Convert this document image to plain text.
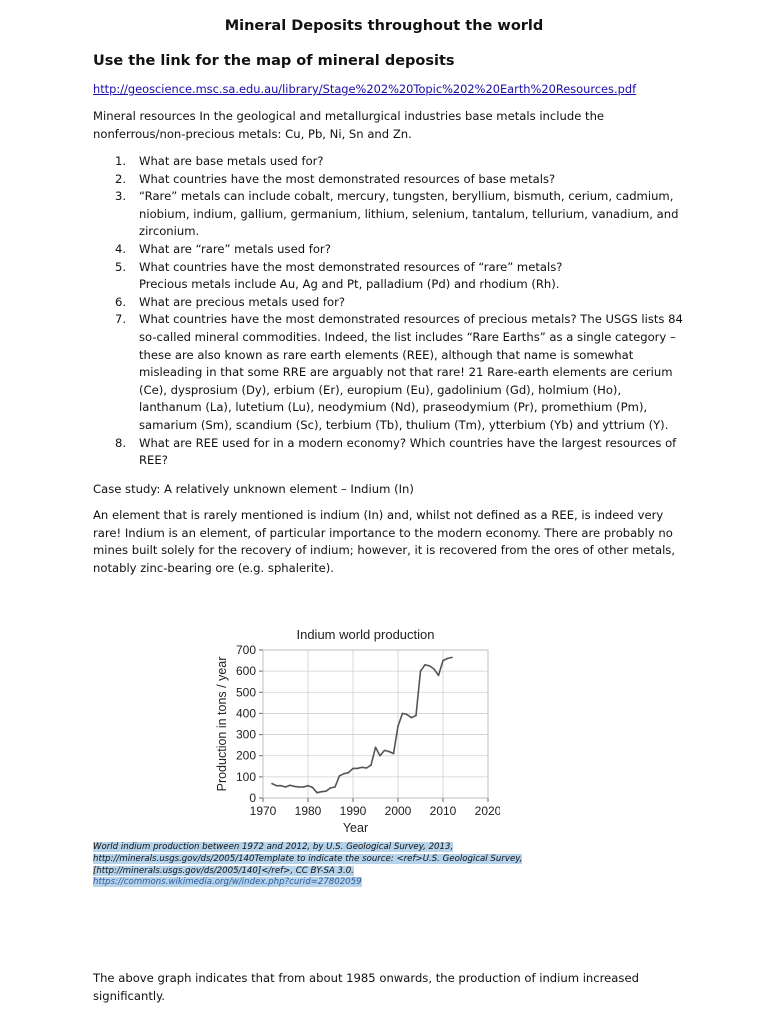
Mineral Deposits throughout the world
Use the link for the map of mineral deposits
http://geoscience.msc.sa.edu.au/library/Stage%202%20Topic%202%20Earth%20Resources.pdf
Mineral resources In the geological and metallurgical industries base metals include the nonferrous/non-precious metals: Cu, Pb, Ni, Sn and Zn.
1. What are base metals used for?
2. What countries have the most demonstrated resources of base metals?
3. “Rare” metals can include cobalt, mercury, tungsten, beryllium, bismuth, cerium, cadmium, niobium, indium, gallium, germanium, lithium, selenium, tantalum, tellurium, vanadium, and zirconium.
4. What are “rare” metals used for?
5. What countries have the most demonstrated resources of “rare” metals?
Precious metals include Au, Ag and Pt, palladium (Pd) and rhodium (Rh).
6. What are precious metals used for?
7. What countries have the most demonstrated resources of precious metals? The USGS lists 84 so-called mineral commodities. Indeed, the list includes “Rare Earths” as a single category – these are also known as rare earth elements (REE), although that name is somewhat misleading in that some RRE are arguably not that rare! 21 Rare-earth elements are cerium (Ce), dysprosium (Dy), erbium (Er), europium (Eu), gadolinium (Gd), holmium (Ho), lanthanum (La), lutetium (Lu), neodymium (Nd), praseodymium (Pr), promethium (Pm), samarium (Sm), scandium (Sc), terbium (Tb), thulium (Tm), ytterbium (Yb) and yttrium (Y).
8. What are REE used for in a modern economy? Which countries have the largest resources of REE?
Case study: A relatively unknown element – Indium (In)
An element that is rarely mentioned is indium (In) and, whilst not defined as a REE, is indeed very rare! Indium is an element, of particular importance to the modern economy. There are probably no mines built solely for the recovery of indium; however, it is recovered from the ores of other metals, notably zinc-bearing ore (e.g. sphalerite).
Indium world production
0
100
200
300
400
500
600
700
1970 1980 1990 2000 2010 2020
Year
Production in tons / year
World indium production between 1972 and 2012, by U.S. Geological Survey, 2013,
http://minerals.usgs.gov/ds/2005/140Template to indicate the source: <ref>U.S. Geological Survey,
[http://minerals.usgs.gov/ds/2005/140]</ref>, CC BY-SA 3.0.
https://commons.wikimedia.org/w/index.php?curid=27802059
The above graph indicates that from about 1985 onwards, the production of indium increased significantly.
